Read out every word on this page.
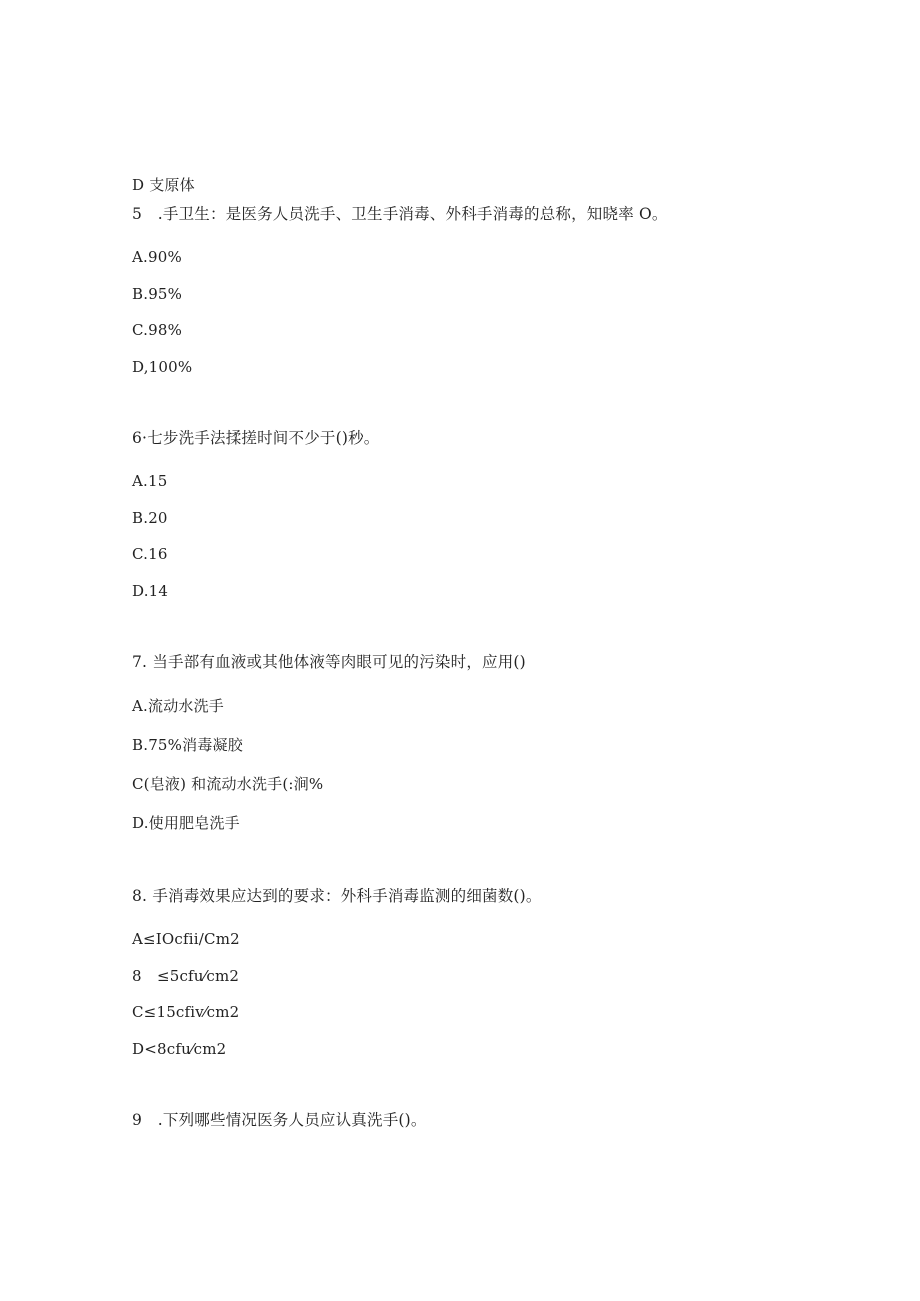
D 支原体
5　.手卫生：是医务人员洗手、卫生手消毒、外科手消毒的总称，知晓率 O。
A.90%
B.95%
C.98%
D,100%
6·七步洗手法揉搓时间不少于()秒。
A.15
B.20
C.16
D.14
7. 当手部有血液或其他体液等肉眼可见的污染时，应用()
A.流动水洗手
B.75%消毒凝胶
C(皂液) 和流动水洗手(:涧%
D.使用肥皂洗手
8. 手消毒效果应达到的要求：外科手消毒监测的细菌数()。
A≤IOcfii/Cm2
8　≤5cfu⁄cm2
C≤15cfiv⁄cm2
D<8cfu⁄cm2
9　.下列哪些情况医务人员应认真洗手()。
